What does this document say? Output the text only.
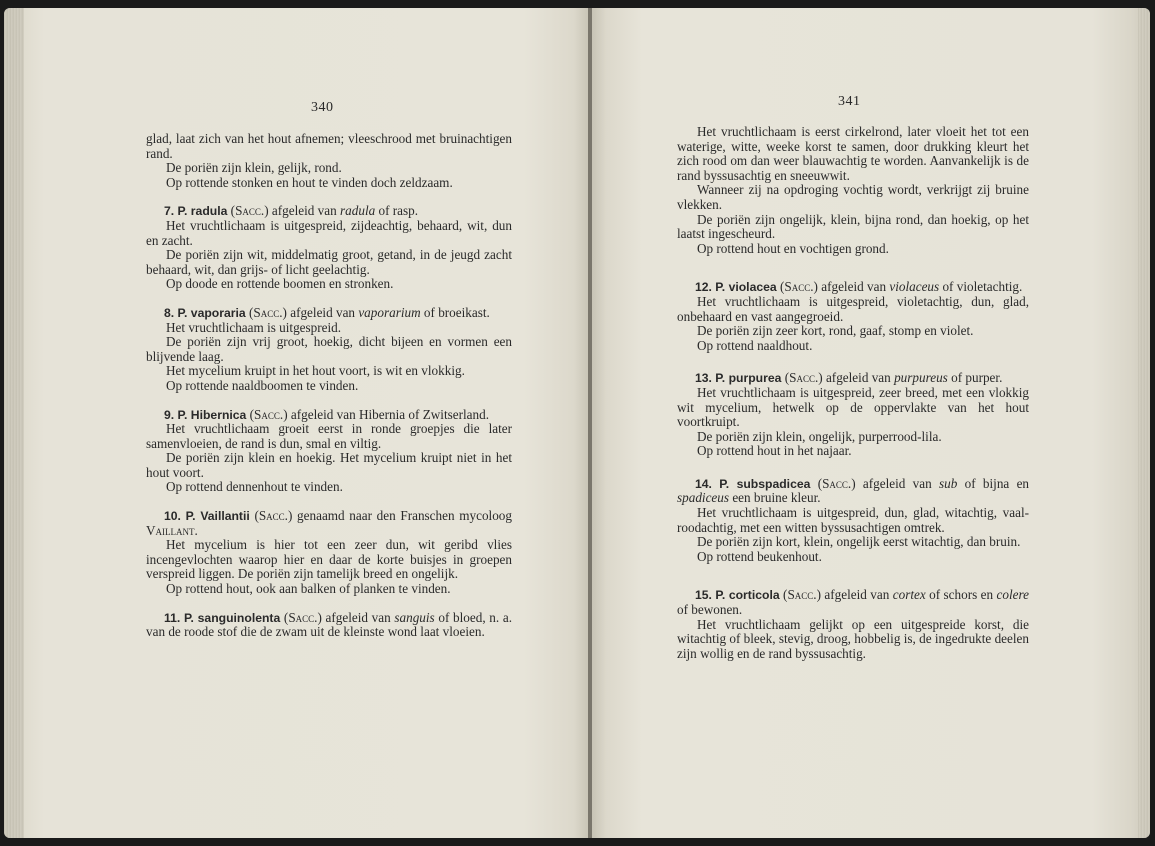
340

glad, laat zich van het hout afnemen; vleeschrood met bruinachtigen rand.

De poriën zijn klein, gelijk, rond.

Op rottende stonken en hout te vinden doch zeldzaam.

7. P. radula (Sacc.) afgeleid van radula of rasp.

Het vruchtlichaam is uitgespreid, zijdeachtig, behaard, wit, dun en zacht.

De poriën zijn wit, middelmatig groot, getand, in de jeugd zacht behaard, wit, dan grijs- of licht geelachtig.

Op doode en rottende boomen en stronken.

8. P. vaporaria (Sacc.) afgeleid van vaporarium of broeikast.

Het vruchtlichaam is uitgespreid.

De poriën zijn vrij groot, hoekig, dicht bijeen en vormen een blijvende laag.

Het mycelium kruipt in het hout voort, is wit en vlokkig.

Op rottende naaldboomen te vinden.

9. P. Hibernica (Sacc.) afgeleid van Hibernia of Zwitserland.

Het vruchtlichaam groeit eerst in ronde groepjes die later samenvloeien, de rand is dun, smal en viltig.

De poriën zijn klein en hoekig. Het mycelium kruipt niet in het hout voort.

Op rottend dennenhout te vinden.

10. P. Vaillantii (Sacc.) genaamd naar den Franschen mycoloog Vaillant.

Het mycelium is hier tot een zeer dun, wit geribd vlies incengevlochten waarop hier en daar de korte buisjes in groepen verspreid liggen. De poriën zijn tamelijk breed en ongelijk.

Op rottend hout, ook aan balken of planken te vinden.

11. P. sanguinolenta (Sacc.) afgeleid van sanguis of bloed, n. a. van de roode stof die de zwam uit de kleinste wond laat vloeien.

341

Het vruchtlichaam is eerst cirkelrond, later vloeit het tot een waterige, witte, weeke korst te samen, door drukking kleurt het zich rood om dan weer blauwachtig te worden. Aanvankelijk is de rand byssusachtig en sneeuwwit.

Wanneer zij na opdroging vochtig wordt, verkrijgt zij bruine vlekken.

De poriën zijn ongelijk, klein, bijna rond, dan hoekig, op het laatst ingescheurd.

Op rottend hout en vochtigen grond.

12. P. violacea (Sacc.) afgeleid van violaceus of violetachtig.

Het vruchtlichaam is uitgespreid, violetachtig, dun, glad, onbehaard en vast aangegroeid.

De poriën zijn zeer kort, rond, gaaf, stomp en violet.

Op rottend naaldhout.

13. P. purpurea (Sacc.) afgeleid van purpureus of purper.

Het vruchtlichaam is uitgespreid, zeer breed, met een vlokkig wit mycelium, hetwelk op de oppervlakte van het hout voortkruipt.

De poriën zijn klein, ongelijk, purperrood-lila.

Op rottend hout in het najaar.

14. P. subspadicea (Sacc.) afgeleid van sub of bijna en spadiceus een bruine kleur.

Het vruchtlichaam is uitgespreid, dun, glad, witachtig, vaal-roodachtig, met een witten byssusachtigen omtrek.

De poriën zijn kort, klein, ongelijk eerst witachtig, dan bruin.

Op rottend beukenhout.

15. P. corticola (Sacc.) afgeleid van cortex of schors en colere of bewonen.

Het vruchtlichaam gelijkt op een uitgespreide korst, die witachtig of bleek, stevig, droog, hobbelig is, de ingedrukte deelen zijn wollig en de rand byssusachtig.
